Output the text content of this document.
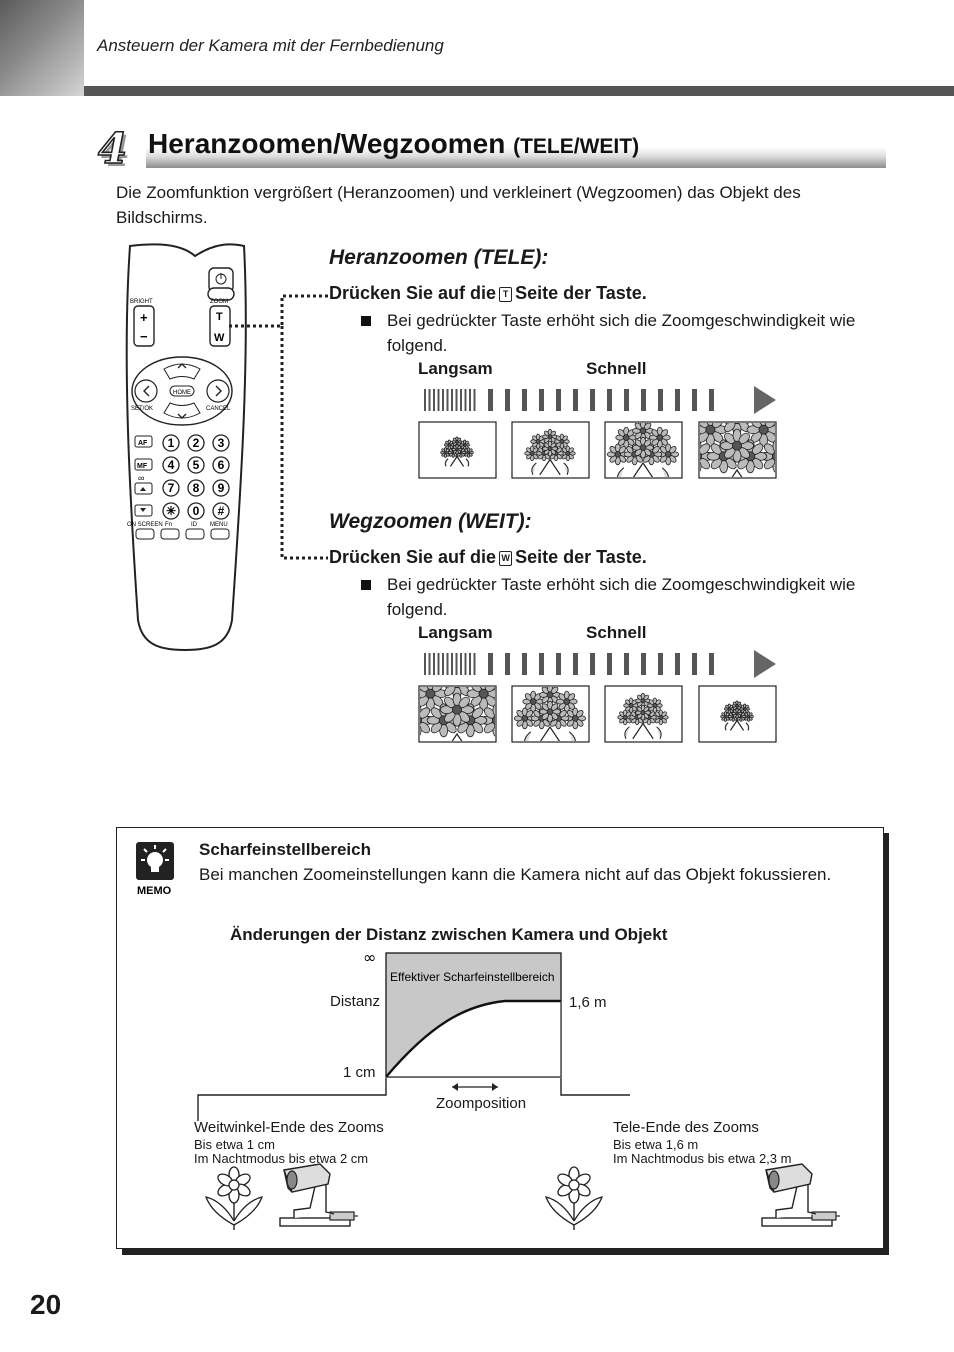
Ansteuern der Kamera mit der Fernbedienung
4 Heranzoomen/Wegzoomen (TELE/WEIT)
Die Zoomfunktion vergrößert (Heranzoomen) und verkleinert (Wegzoomen) das Objekt des Bildschirms.
BRIGHT	ZOOM
+
−
T
W
HOME
SET/OK	CANCEL
AF
MF
∞
1 2 3
4 5 6
7 8 9
✳ 0 #
ON SCREEN Fn	ID MENU
Heranzoomen (TELE):
Drücken Sie auf die T Seite der Taste.
Bei gedrückter Taste erhöht sich die Zoomgeschwindigkeit wie folgend.
Langsam	Schnell
Wegzoomen (WEIT):
Drücken Sie auf die W Seite der Taste.
Bei gedrückter Taste erhöht sich die Zoomgeschwindigkeit wie folgend.
Langsam	Schnell
MEMO
Scharfeinstellbereich
Bei manchen Zoomeinstellungen kann die Kamera nicht auf das Objekt fokussieren.
Änderungen der Distanz zwischen Kamera und Objekt
∞
Effektiver Scharfeinstellbereich
Distanz
1 cm
1,6 m
Zoomposition
Weitwinkel-Ende des Zooms
Bis etwa 1 cm
Im Nachtmodus bis etwa 2 cm
Tele-Ende des Zooms
Bis etwa 1,6 m
Im Nachtmodus bis etwa 2,3 m
20
